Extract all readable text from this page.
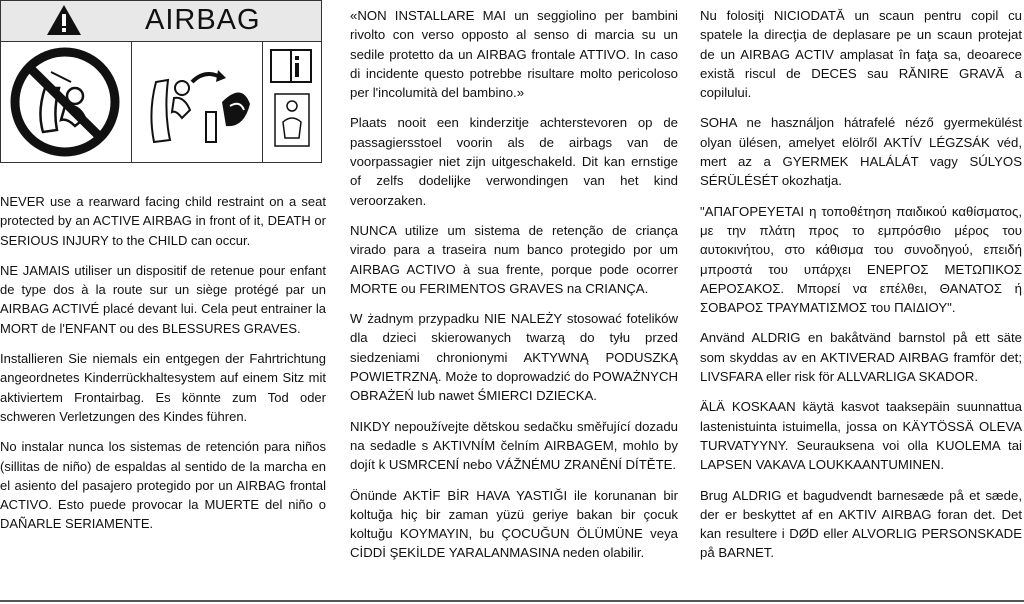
AIRBAG

NEVER use a rearward facing child restraint on a seat protected by an ACTIVE AIRBAG in front of it, DEATH or SERIOUS INJURY to the CHILD can occur.

NE JAMAIS utiliser un dispositif de retenue pour enfant de type dos à la route sur un siège protégé par un AIRBAG ACTIVÉ placé devant lui. Cela peut entrainer la MORT de l'ENFANT ou des BLESSURES GRAVES.

Installieren Sie niemals ein entgegen der Fahrtrichtung angeordnetes Kinderrückhaltesystem auf einem Sitz mit aktiviertem Frontairbag. Es könnte zum Tod oder schweren Verletzungen des Kindes führen.

No instalar nunca los sistemas de retención para niños (sillitas de niño) de espaldas al sentido de la marcha en el asiento del pasajero protegido por un AIRBAG frontal ACTIVO. Esto puede provocar la MUERTE del niño o DAÑARLE SERIAMENTE.

«NON INSTALLARE MAI un seggiolino per bambini rivolto con verso opposto al senso di marcia su un sedile protetto da un AIRBAG frontale ATTIVO. In caso di incidente questo potrebbe risultare molto pericoloso per l'incolumità del bambino.»

Plaats nooit een kinderzitje achterstevoren op de passagiersstoel voorin als de airbags van de voorpassagier niet zijn uitgeschakeld. Dit kan ernstige of zelfs dodelijke verwondingen van het kind veroorzaken.

NUNCA utilize um sistema de retenção de criança virado para a traseira num banco protegido por um AIRBAG ACTIVO à sua frente, porque pode ocorrer MORTE ou FERIMENTOS GRAVES na CRIANÇA.

W żadnym przypadku NIE NALEŻY stosować fotelików dla dzieci skierowanych twarzą do tyłu przed siedzeniami chronionymi AKTYWNĄ PODUSZKĄ POWIETRZNĄ. Może to doprowadzić do POWAŻNYCH OBRAŻEŃ lub nawet ŚMIERCI DZIECKA.

NIKDY nepoužívejte dětskou sedačku směřující dozadu na sedadle s AKTIVNÍM čelním AIRBAGEM, mohlo by dojít k USMRCENÍ nebo VÁŽNÉMU ZRANĚNÍ DÍTĚTE.

Önünde AKTİF BİR HAVA YASTIĞI ile korunanan bir koltuğa hiç bir zaman yüzü geriye bakan bir çocuk koltuğu KOYMAYIN, bu ÇOCUĞUN ÖLÜMÜNE veya CİDDİ ŞEKİLDE YARALANMASINA neden olabilir.

Nu folosiţi NICIODATĂ un scaun pentru copil cu spatele la direcţia de deplasare pe un scaun protejat de un AIRBAG ACTIV amplasat în faţa sa, deoarece există riscul de DECES sau RĂNIRE GRAVĂ a copilului.

SOHA ne használjon hátrafelé néző gyermekülést olyan ülésen, amelyet elölről AKTÍV LÉGZSÁK véd, mert az a GYERMEK HALÁLÁT vagy SÚLYOS SÉRÜLÉSÉT okozhatja.

"ΑΠΑΓΟΡΕΥΕΤΑΙ η τοποθέτηση παιδικού καθίσματος, με την πλάτη προς το εμπρόσθιο μέρος του αυτοκινήτου, στο κάθισμα του συνοδηγού, επειδή μπροστά του υπάρχει ΕΝΕΡΓΟΣ ΜΕΤΩΠΙΚΟΣ ΑΕΡΟΣΑΚΟΣ. Μπορεί να επέλθει, ΘΑΝΑΤΟΣ ή ΣΟΒΑΡΟΣ ΤΡΑΥΜΑΤΙΣΜΟΣ του ΠΑΙΔΙΟΥ".

Använd ALDRIG en bakåtvänd barnstol på ett säte som skyddas av en AKTIVERAD AIRBAG framför det; LIVSFARA eller risk för ALLVARLIGA SKADOR.

ÄLÄ KOSKAAN käytä kasvot taaksepäin suunnattua lastenistuinta istuimella, jossa on KÄYTÖSSÄ OLEVA TURVATYYNY. Seurauksena voi olla KUOLEMA tai LAPSEN VAKAVA LOUKKAANTUMINEN.

Brug ALDRIG et bagudvendt barnesæde på et sæde, der er beskyttet af en AKTIV AIRBAG foran det. Det kan resultere i DØD eller ALVORLIG PERSONSKADE på BARNET.
